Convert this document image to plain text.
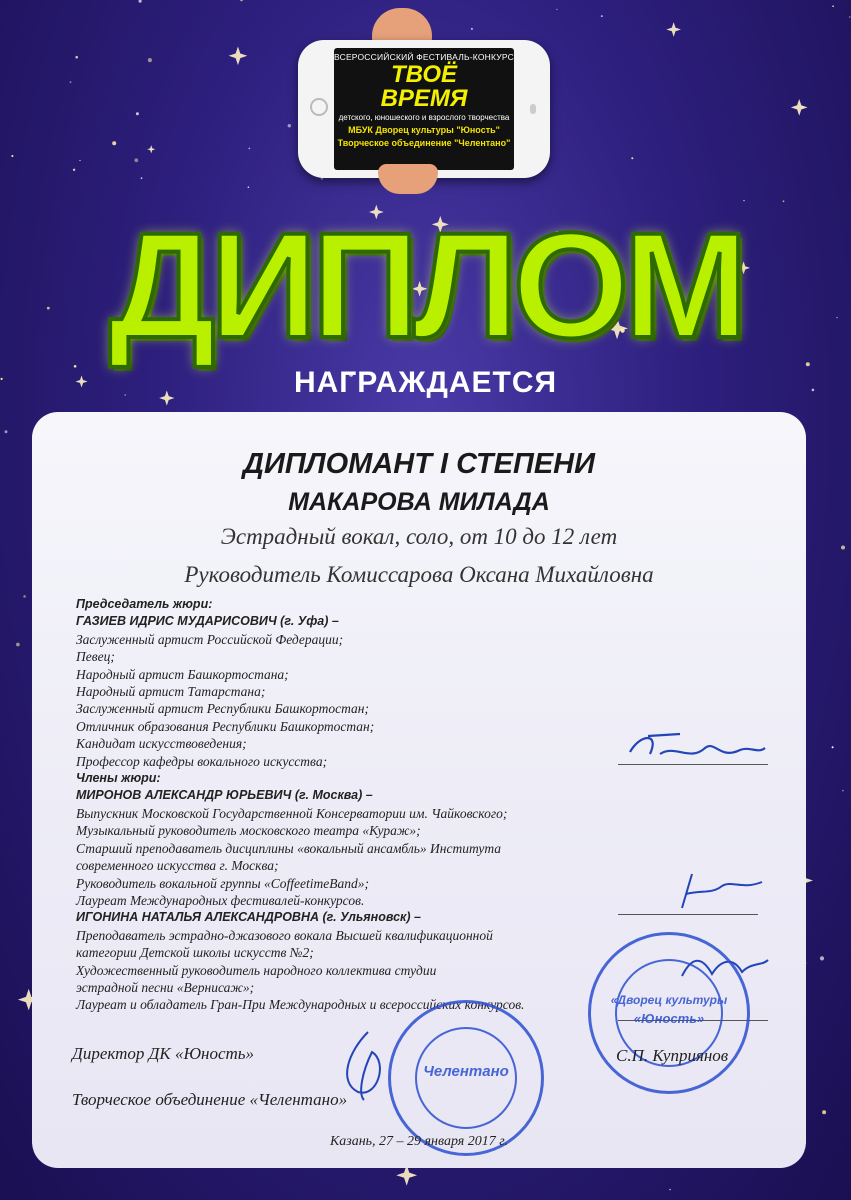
ВСЕРОССИЙСКИЙ ФЕСТИВАЛЬ-КОНКУРС
ТВОЁ
ВРЕМЯ
детского, юношеского и взрослого творчества
МБУК Дворец культуры "Юность"
Творческое объединение "Челентано"
ДИПЛОМ
НАГРАЖДАЕТСЯ
ДИПЛОМАНТ I СТЕПЕНИ
МАКАРОВА МИЛАДА
Эстрадный вокал, соло, от 10 до 12 лет
Руководитель Комиссарова Оксана Михайловна
Председатель жюри:
ГАЗИЕВ ИДРИС МУДАРИСОВИЧ (г. Уфа) –
Заслуженный артист Российской Федерации;
Певец;
Народный артист Башкортостана;
Народный артист Татарстана;
Заслуженный артист Республики Башкортостан;
Отличник образования Республики Башкортостан;
Кандидат искусствоведения;
Профессор кафедры вокального искусства;
Члены жюри:
МИРОНОВ АЛЕКСАНДР ЮРЬЕВИЧ (г. Москва) –
Выпускник Московской Государственной Консерватории им. Чайковского;
Музыкальный руководитель московского театра «Кураж»;
Старший преподаватель дисциплины «вокальный ансамбль» Института
современного искусства г. Москва;
Руководитель вокальной группы «CoffeetimeBand»;
Лауреат Международных фестивалей-конкурсов.
ИГОНИНА НАТАЛЬЯ АЛЕКСАНДРОВНА (г. Ульяновск) –
Преподаватель эстрадно-джазового вокала Высшей квалификационной
категории Детской школы искусств №2;
Художественный руководитель народного коллектива студии
эстрадной песни «Вернисаж»;
Лауреат и обладатель Гран-При Международных и всероссийских конкурсов.
Челентано
«Дворец культуры
«Юность»
Директор ДК «Юность»	С.П. Куприянов
Творческое объединение «Челентано»
Казань, 27 – 29 января 2017 г.
